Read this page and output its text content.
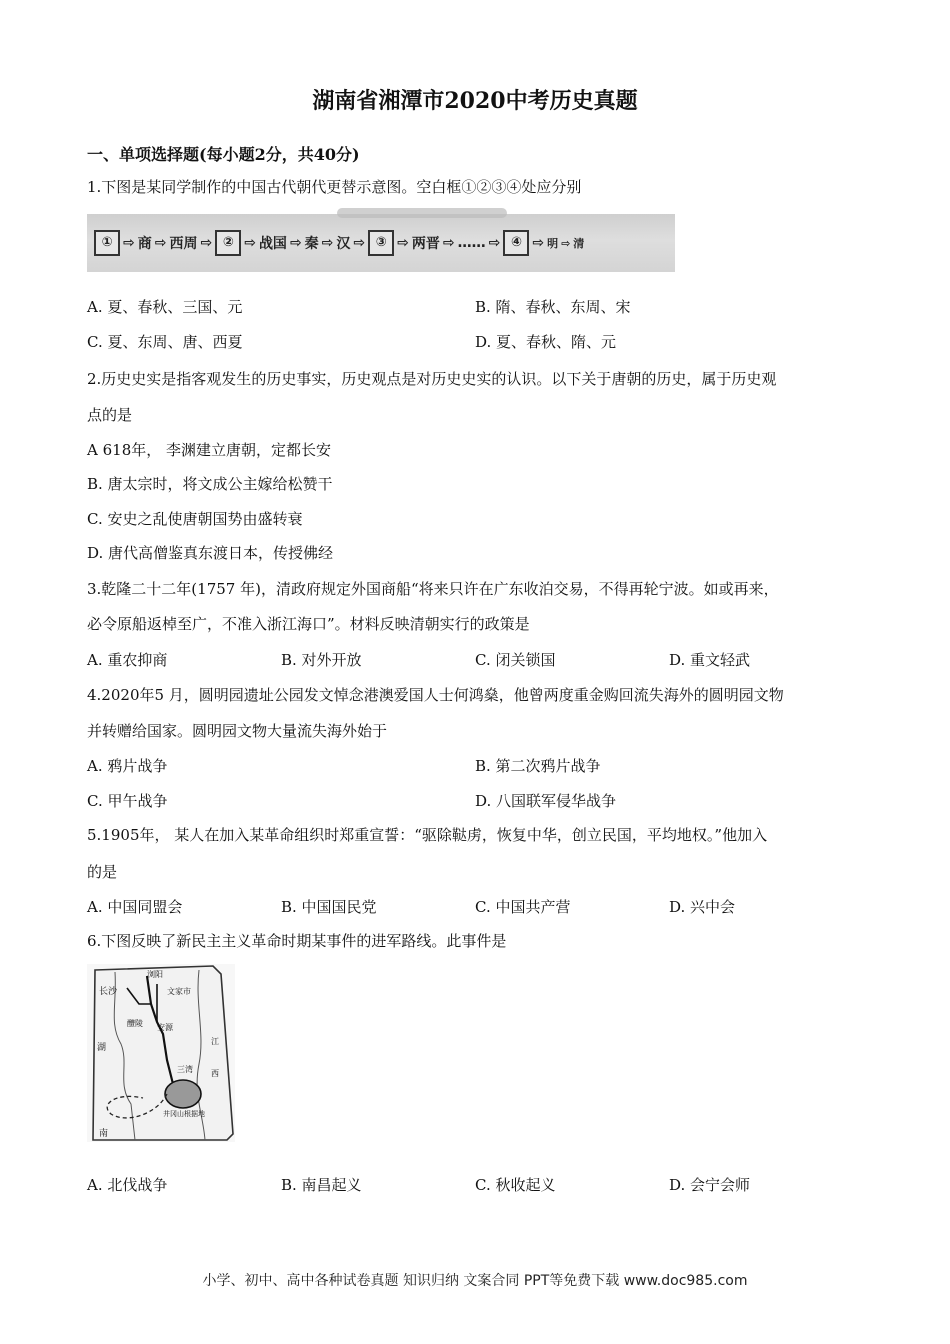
湖南省湘潭市2020中考历史真题
一、单项选择题(每小题2分，共40分)
1.下图是某同学制作的中国古代朝代更替示意图。空白框①②③④处应分别
① ⇨ 商 ⇨ 西周 ⇨ ② ⇨ 战国 ⇨ 秦 ⇨ 汉 ⇨ ③ ⇨ 两晋 ⇨ …… ⇨ ④ ⇨ 明 ⇨ 清
A. 夏、春秋、三国、元	B. 隋、春秋、东周、宋
C. 夏、东周、唐、西夏	D. 夏、春秋、隋、元
2.历史史实是指客观发生的历史事实，历史观点是对历史史实的认识。以下关于唐朝的历史，属于历史观
点的是
A 618年， 李渊建立唐朝，定都长安
B. 唐太宗时，将文成公主嫁给松赞干
C. 安史之乱使唐朝国势由盛转衰
D. 唐代高僧鉴真东渡日本，传授佛经
3.乾隆二十二年(1757 年)，清政府规定外国商船“将来只许在广东收泊交易，不得再轮宁波。如或再来，
必令原船返棹至广，不准入浙江海口”。材料反映清朝实行的政策是
A. 重农抑商	B. 对外开放	C. 闭关锁国	D. 重文轻武
4.2020年5 月，圆明园遗址公园发文悼念港澳爱国人士何鸿燊，他曾两度重金购回流失海外的圆明园文物
并转赠给国家。圆明园文物大量流失海外始于
A. 鸦片战争	B. 第二次鸦片战争
C. 甲午战争	D. 八国联军侵华战争
5.1905年， 某人在加入某革命组织时郑重宣誓：“驱除鞑虏，恢复中华，创立民国，平均地权。”他加入
的是
A. 中国同盟会	B. 中国国民党	C. 中国共产营	D. 兴中会
6.下图反映了新民主主义革命时期某事件的进军路线。此事件是
长沙
浏阳
文家市
醴陵 安源
三湾
井冈山根据地
湖
南
江
西
A. 北伐战争	B. 南昌起义	C. 秋收起义	D. 会宁会师
小学、初中、高中各种试卷真题 知识归纳 文案合同 PPT等免费下载 www.doc985.com
